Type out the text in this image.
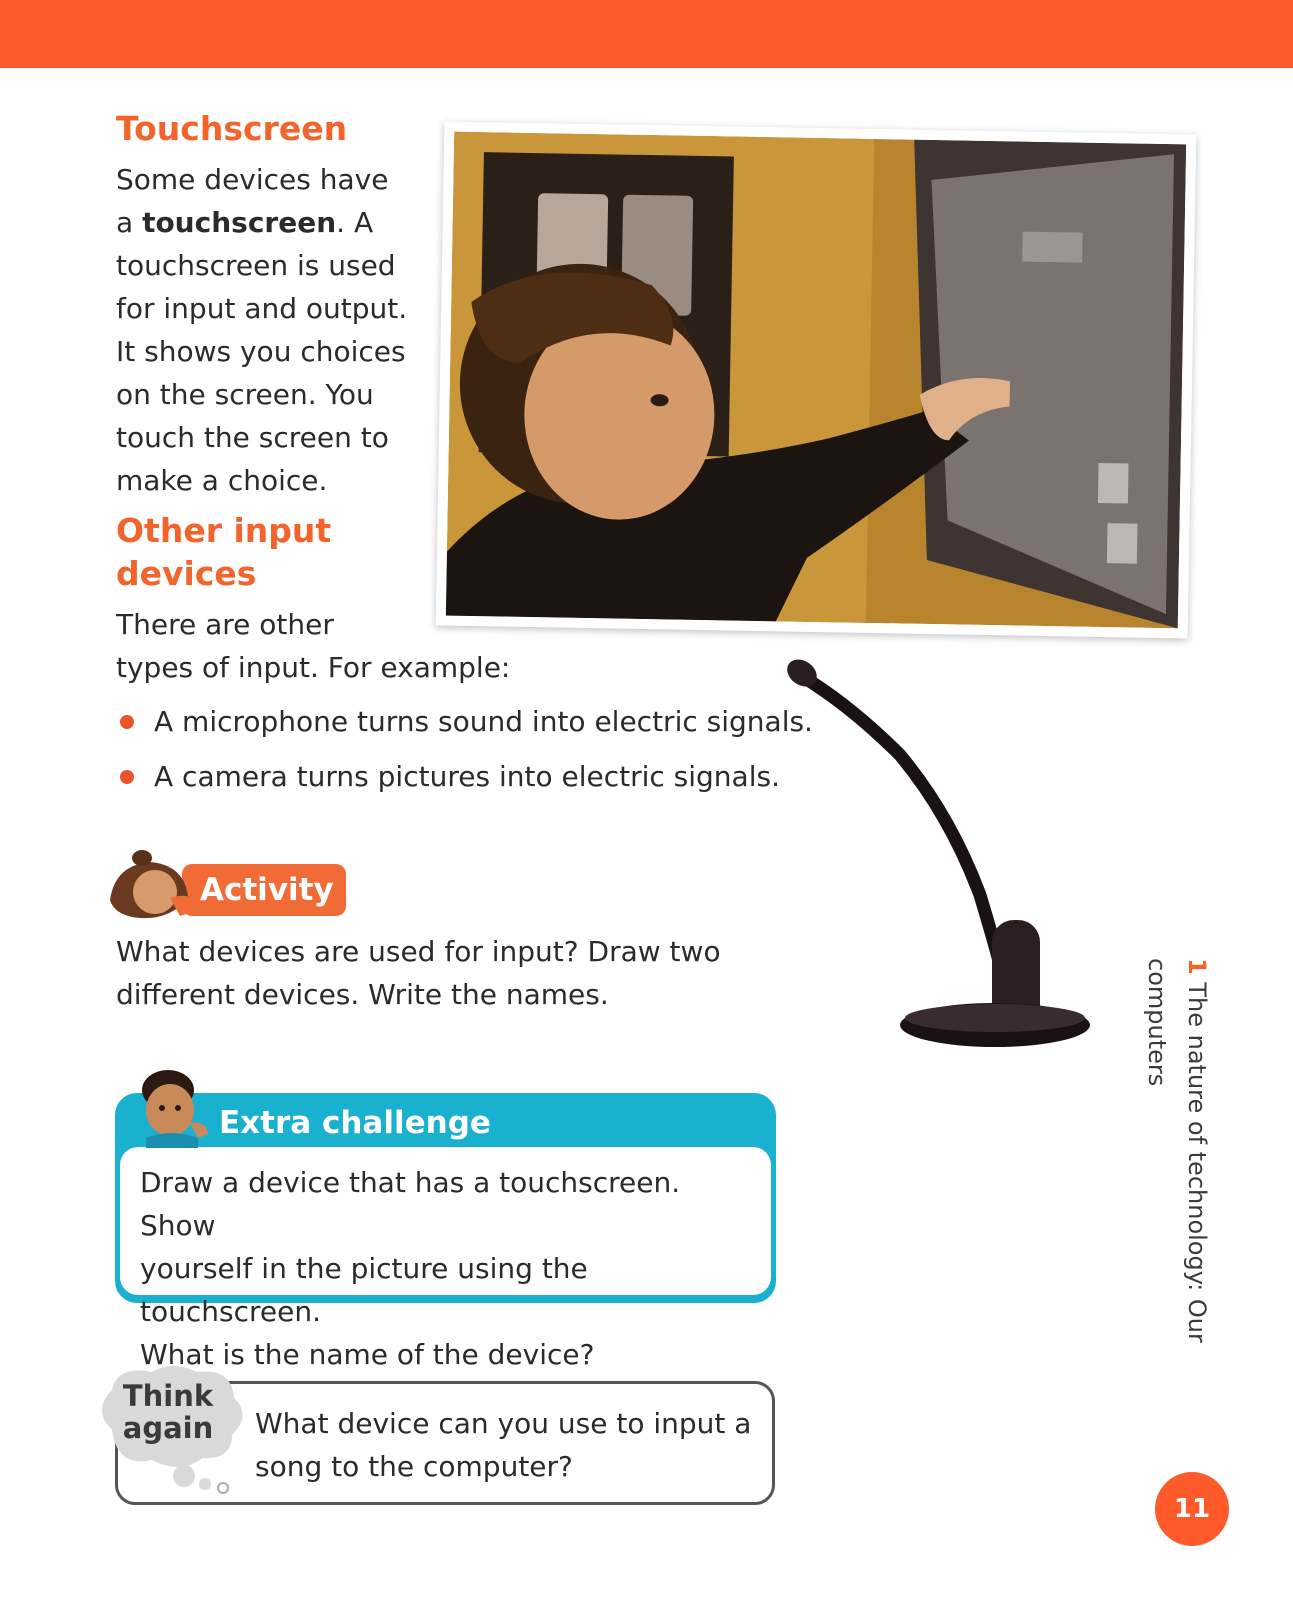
Touchscreen
Some devices have
a touchscreen. A
touchscreen is used
for input and output.
It shows you choices
on the screen. You
touch the screen to
make a choice.
Other input
devices
There are other
types of input. For example:
A microphone turns sound into electric signals.
A camera turns pictures into electric signals.
Activity
What devices are used for input? Draw two
different devices. Write the names.
Extra challenge
Draw a device that has a touchscreen. Show
yourself in the picture using the touchscreen.
What is the name of the device?
Think
again	What device can you use to input a
song to the computer?
1 The nature of technology: Our computers
11
